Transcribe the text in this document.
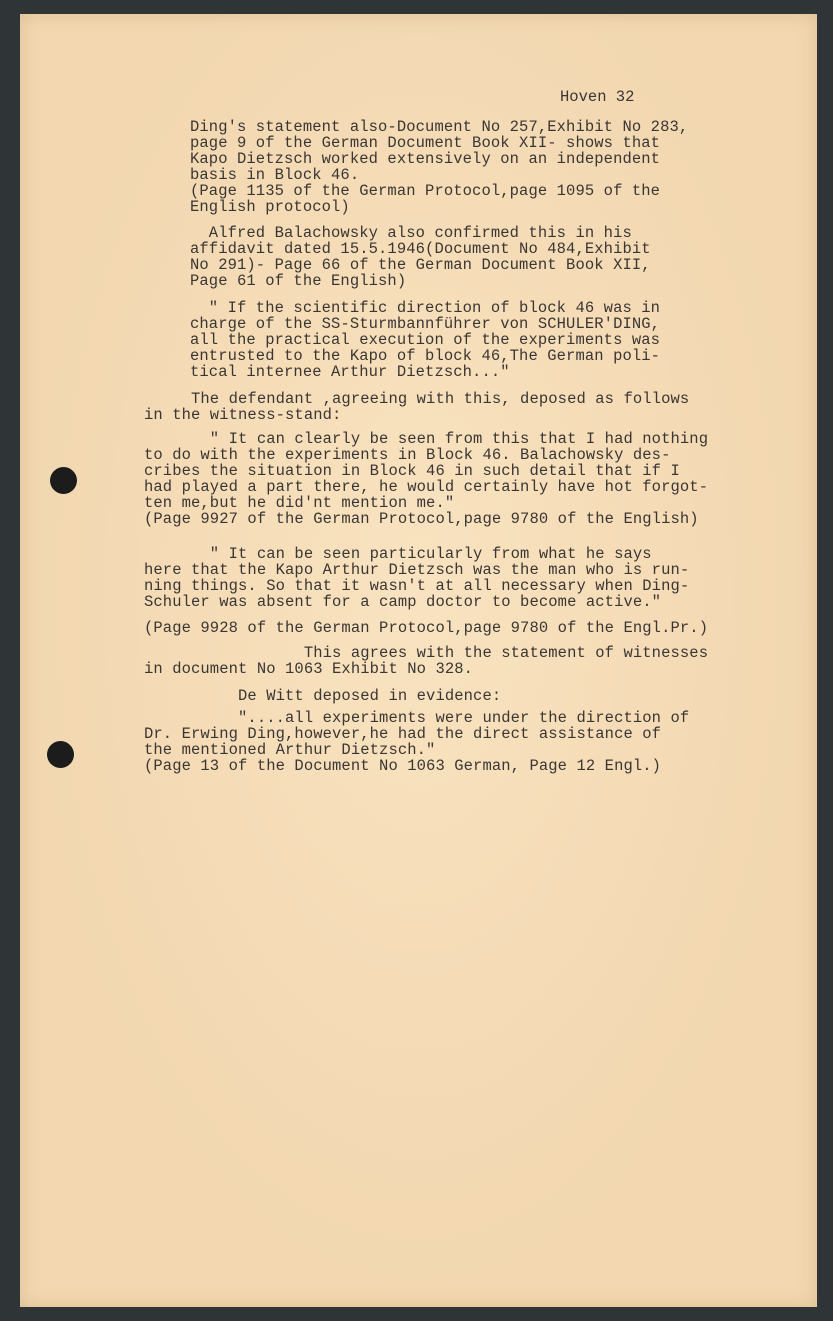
Hoven 32
Ding's statement also-Document No 257,Exhibit No 283,
page 9 of the German Document Book XII- shows that
Kapo Dietzsch worked extensively on an independent
basis in Block 46.
(Page 1135 of the German Protocol,page 1095 of the
English protocol)
Alfred Balachowsky also confirmed this in his
affidavit dated 15.5.1946(Document No 484,Exhibit
No 291)- Page 66 of the German Document Book XII,
Page 61 of the English)
" If the scientific direction of block 46 was in
charge of the SS-Sturmbannführer von SCHULER'DING,
all the practical execution of the experiments was
entrusted to the Kapo of block 46,The German poli-
tical internee Arthur Dietzsch..."
The defendant ,agreeing with this, deposed as follows
in the witness-stand:
" It can clearly be seen from this that I had nothing
to do with the experiments in Block 46. Balachowsky des-
cribes the situation in Block 46 in such detail that if I
had played a part there, he would certainly have hot forgot-
ten me,but he did'nt mention me."
(Page 9927 of the German Protocol,page 9780 of the English)
" It can be seen particularly from what he says
here that the Kapo Arthur Dietzsch was the man who is run-
ning things. So that it wasn't at all necessary when Ding-
Schuler was absent for a camp doctor to become active."
(Page 9928 of the German Protocol,page 9780 of the Engl.Pr.)
This agrees with the statement of witnesses
in document No 1063 Exhibit No 328.
De Witt deposed in evidence:
"....all experiments were under the direction of
Dr. Erwing Ding,however,he had the direct assistance of
the mentioned Arthur Dietzsch."
(Page 13 of the Document No 1063 German, Page 12 Engl.)
